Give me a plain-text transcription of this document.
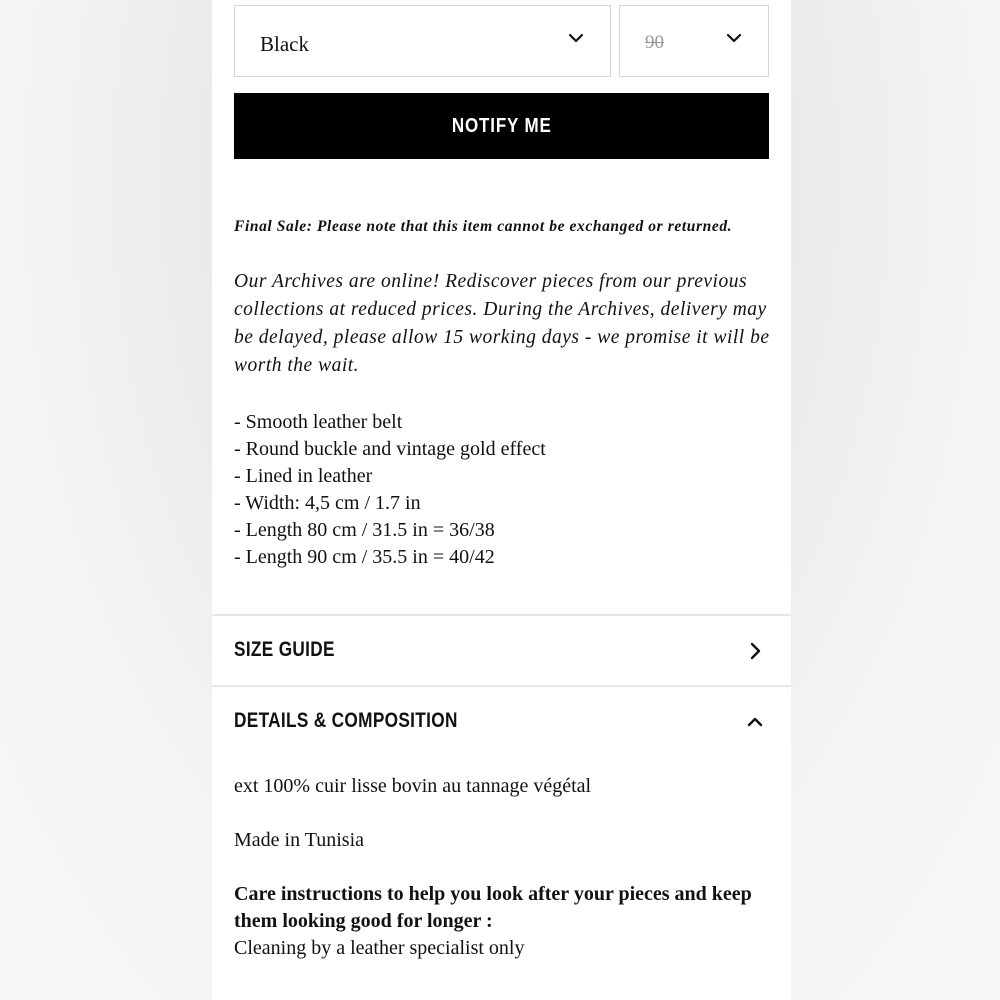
Black	90
NOTIFY ME
Final Sale: Please note that this item cannot be exchanged or returned.
Our Archives are online! Rediscover pieces from our previous collections at reduced prices. During the Archives, delivery may be delayed, please allow 15 working days - we promise it will be worth the wait.
- Smooth leather belt
- Round buckle and vintage gold effect
- Lined in leather
- Width: 4,5 cm / 1.7 in
- Length 80 cm / 31.5 in = 36/38
- Length 90 cm / 35.5 in = 40/42
SIZE GUIDE
DETAILS & COMPOSITION
ext 100% cuir lisse bovin au tannage végétal
Made in Tunisia
Care instructions to help you look after your pieces and keep them looking good for longer :
Cleaning by a leather specialist only
